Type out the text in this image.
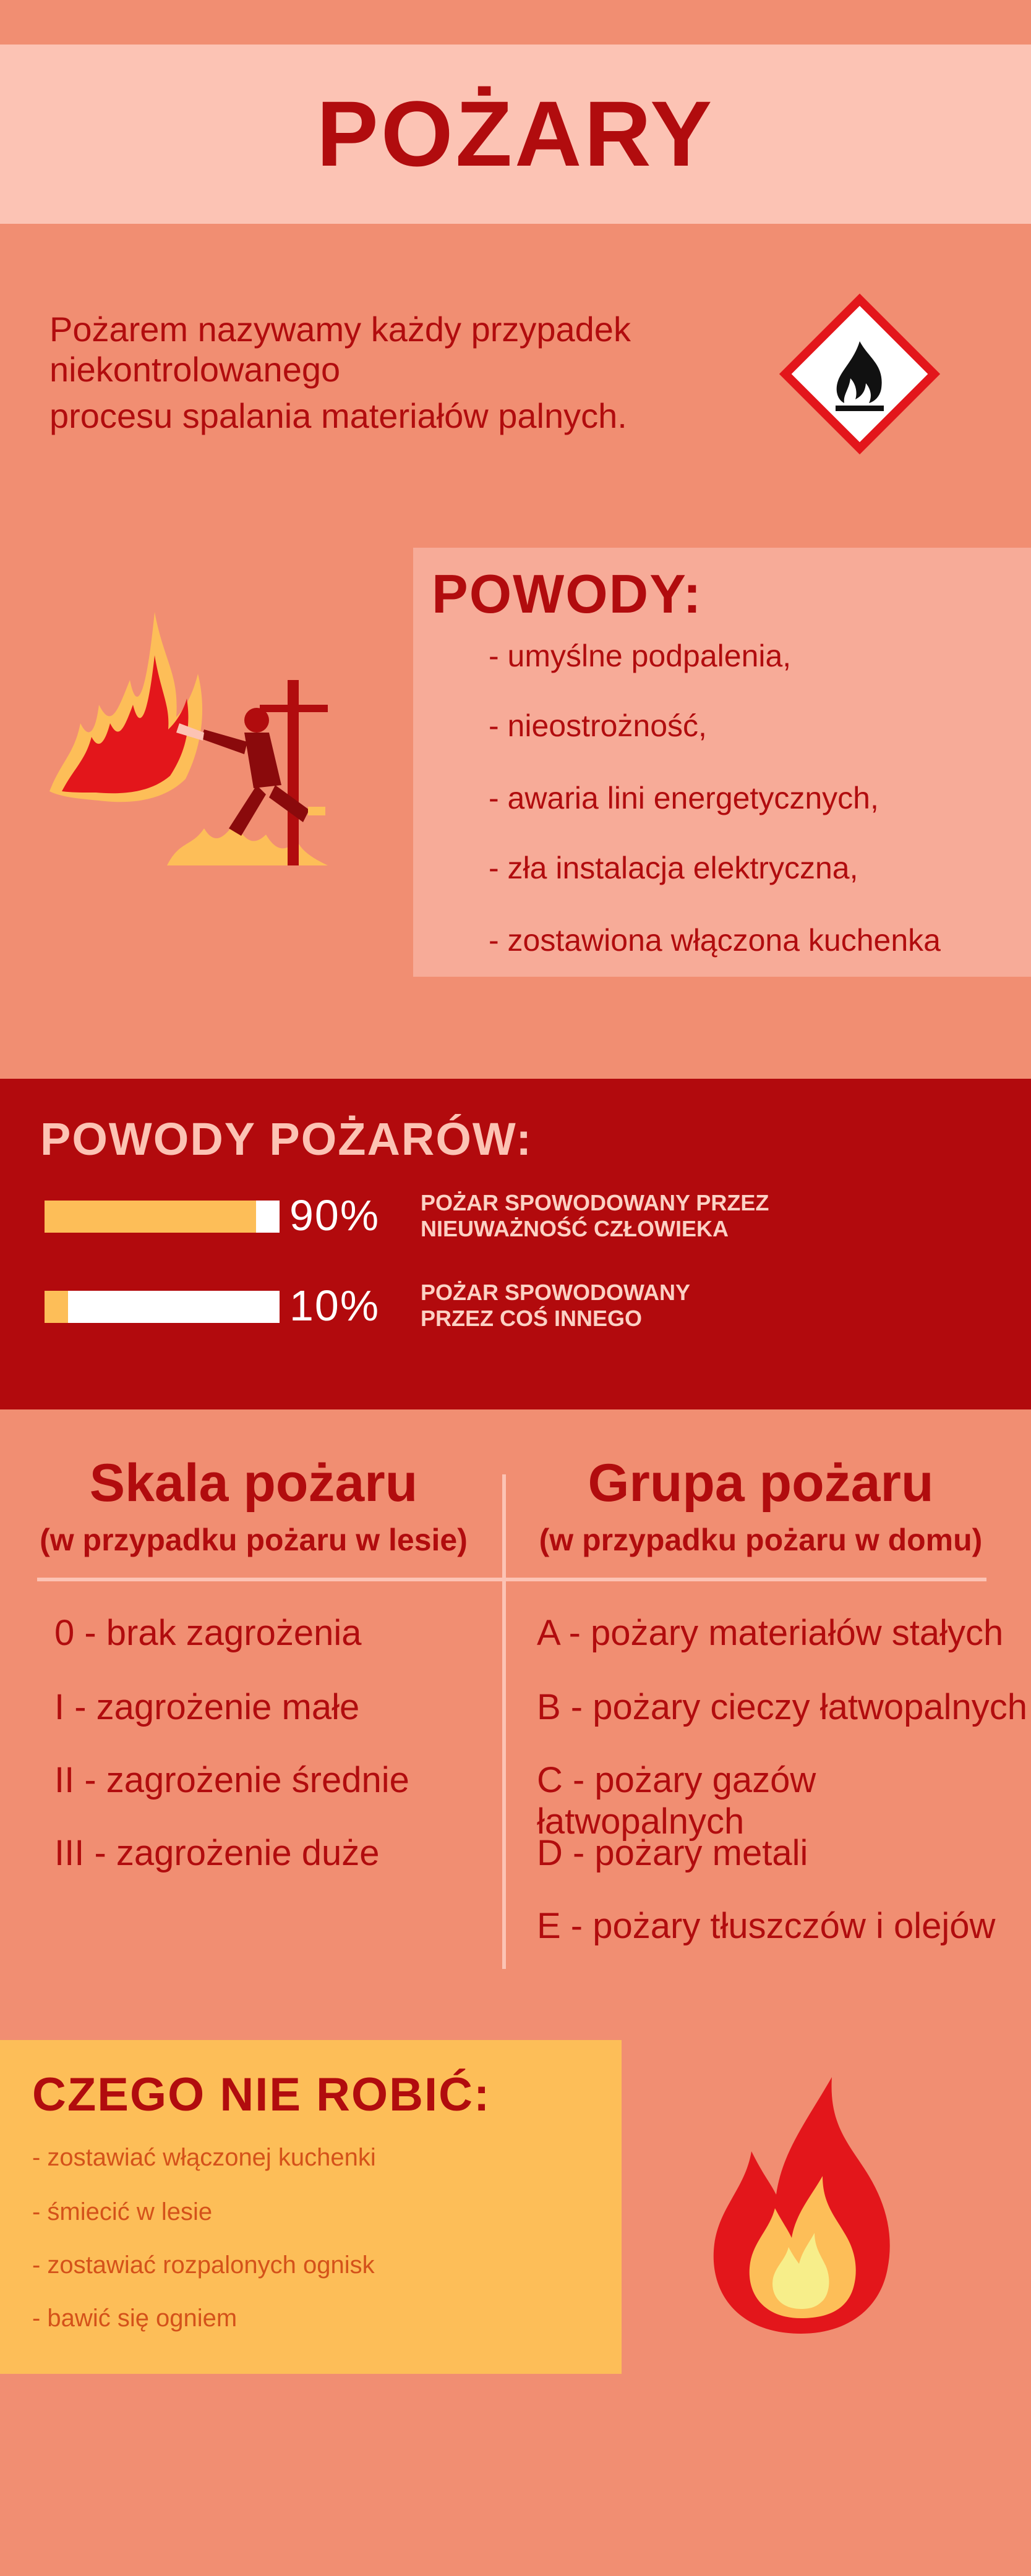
POŻARY
Pożarem nazywamy każdy przypadek niekontrolowanego
procesu spalania materiałów palnych.
POWODY:
- umyślne podpalenia,
- nieostrożność,
- awaria lini energetycznych,
- zła instalacja elektryczna,
- zostawiona włączona kuchenka
POWODY POŻARÓW:
90% POŻAR SPOWODOWANY PRZEZ
NIEUWAŻNOŚĆ CZŁOWIEKA
10% POŻAR SPOWODOWANY
PRZEZ COŚ INNEGO
Skala pożaru
(w przypadku pożaru w lesie)
Grupa pożaru
(w przypadku pożaru w domu)
0 - brak zagrożenia
I - zagrożenie małe
II - zagrożenie średnie
III - zagrożenie duże
A - pożary materiałów stałych
B - pożary cieczy łatwopalnych
C - pożary gazów łatwopalnych
D - pożary metali
E - pożary tłuszczów i olejów
CZEGO NIE ROBIĆ:
- zostawiać włączonej kuchenki
- śmiecić w lesie
- zostawiać rozpalonych ognisk
- bawić się ogniem
